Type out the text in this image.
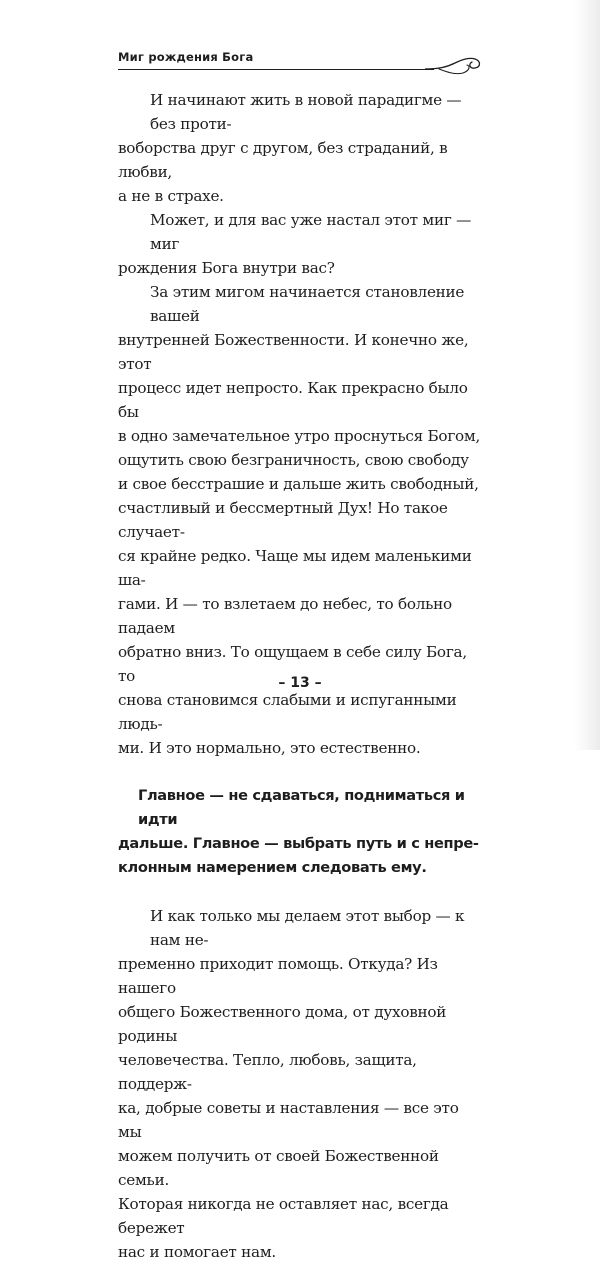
Миг рождения Бога

И начинают жить в новой парадигме — без проти-
воборства друг с другом, без страданий, в любви,
а не в страхе.

Может, и для вас уже настал этот миг — миг
рождения Бога внутри вас?

За этим мигом начинается становление вашей
внутренней Божественности. И конечно же, этот
процесс идет непросто. Как прекрасно было бы
в одно замечательное утро проснуться Богом,
ощутить свою безграничность, свою свободу
и свое бесстрашие и дальше жить свободный,
счастливый и бессмертный Дух! Но такое случает-
ся крайне редко. Чаще мы идем маленькими ша-
гами. И — то взлетаем до небес, то больно падаем
обратно вниз. То ощущаем в себе силу Бога, то
снова становимся слабыми и испуганными людь-
ми. И это нормально, это естественно.

Главное — не сдаваться, подниматься и идти
дальше. Главное — выбрать путь и с непре-
клонным намерением следовать ему.

И как только мы делаем этот выбор — к нам не-
пременно приходит помощь. Откуда? Из нашего
общего Божественного дома, от духовной родины
человечества. Тепло, любовь, защита, поддерж-
ка, добрые советы и наставления — все это мы
можем получить от своей Божественной семьи.
Которая никогда не оставляет нас, всегда бережет
нас и помогает нам.

– 13 –
